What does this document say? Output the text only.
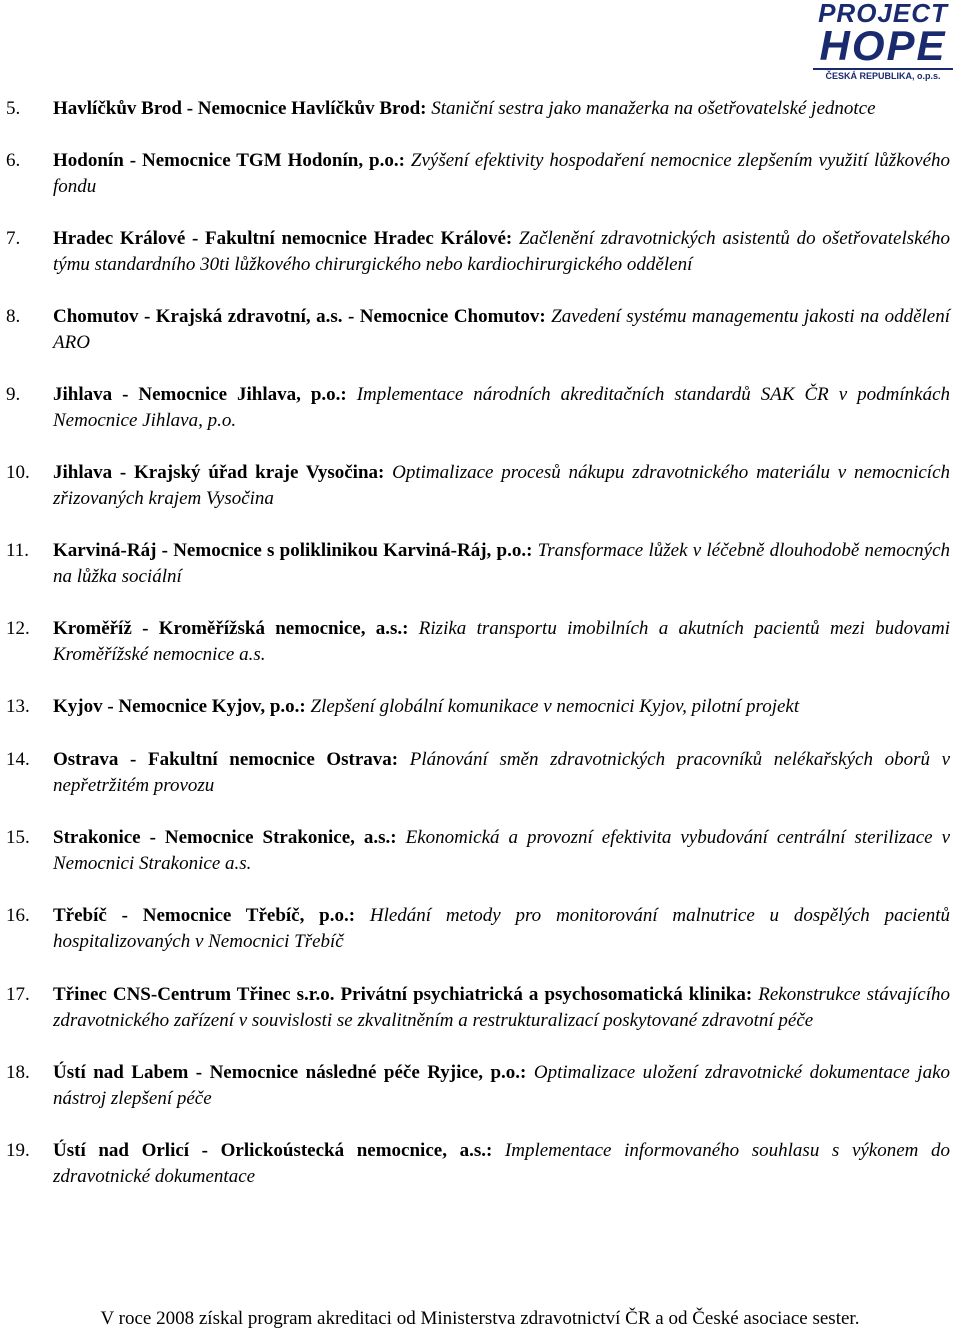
PROJECT
HOPE
ČESKÁ REPUBLIKA, o.p.s.
5. Havlíčkův Brod - Nemocnice Havlíčkův Brod: Staniční sestra jako manažerka na ošetřovatelské jednotce
6. Hodonín - Nemocnice TGM Hodonín, p.o.: Zvýšení efektivity hospodaření nemocnice zlepšením využití lůžkového fondu
7. Hradec Králové - Fakultní nemocnice Hradec Králové: Začlenění zdravotnických asistentů do ošetřovatelského týmu standardního 30ti lůžkového chirurgického nebo kardiochirurgického oddělení
8. Chomutov - Krajská zdravotní, a.s. - Nemocnice Chomutov: Zavedení systému managementu jakosti na oddělení ARO
9. Jihlava - Nemocnice Jihlava, p.o.: Implementace národních akreditačních standardů SAK ČR v podmínkách Nemocnice Jihlava, p.o.
10. Jihlava - Krajský úřad kraje Vysočina: Optimalizace procesů nákupu zdravotnického materiálu v nemocnicích zřizovaných krajem Vysočina
11. Karviná-Ráj - Nemocnice s poliklinikou Karviná-Ráj, p.o.: Transformace lůžek v léčebně dlouhodobě nemocných na lůžka sociální
12. Kroměříž - Kroměřížská nemocnice, a.s.: Rizika transportu imobilních a akutních pacientů mezi budovami Kroměřížské nemocnice a.s.
13. Kyjov - Nemocnice Kyjov, p.o.: Zlepšení globální komunikace v nemocnici Kyjov, pilotní projekt
14. Ostrava - Fakultní nemocnice Ostrava: Plánování směn zdravotnických pracovníků nelékařských oborů v nepřetržitém provozu
15. Strakonice - Nemocnice Strakonice, a.s.: Ekonomická a provozní efektivita vybudování centrální sterilizace v Nemocnici Strakonice a.s.
16. Třebíč - Nemocnice Třebíč, p.o.: Hledání metody pro monitorování malnutrice u dospělých pacientů hospitalizovaných v Nemocnici Třebíč
17. Třinec CNS-Centrum Třinec s.r.o. Privátní psychiatrická a psychosomatická klinika: Rekonstrukce stávajícího zdravotnického zařízení v souvislosti se zkvalitněním a restrukturalizací poskytované zdravotní péče
18. Ústí nad Labem - Nemocnice následné péče Ryjice, p.o.: Optimalizace uložení zdravotnické dokumentace jako nástroj zlepšení péče
19. Ústí nad Orlicí - Orlickoústecká nemocnice, a.s.: Implementace informovaného souhlasu s výkonem do zdravotnické dokumentace
V roce 2008 získal program akreditaci od Ministerstva zdravotnictví ČR a od České asociace sester.
